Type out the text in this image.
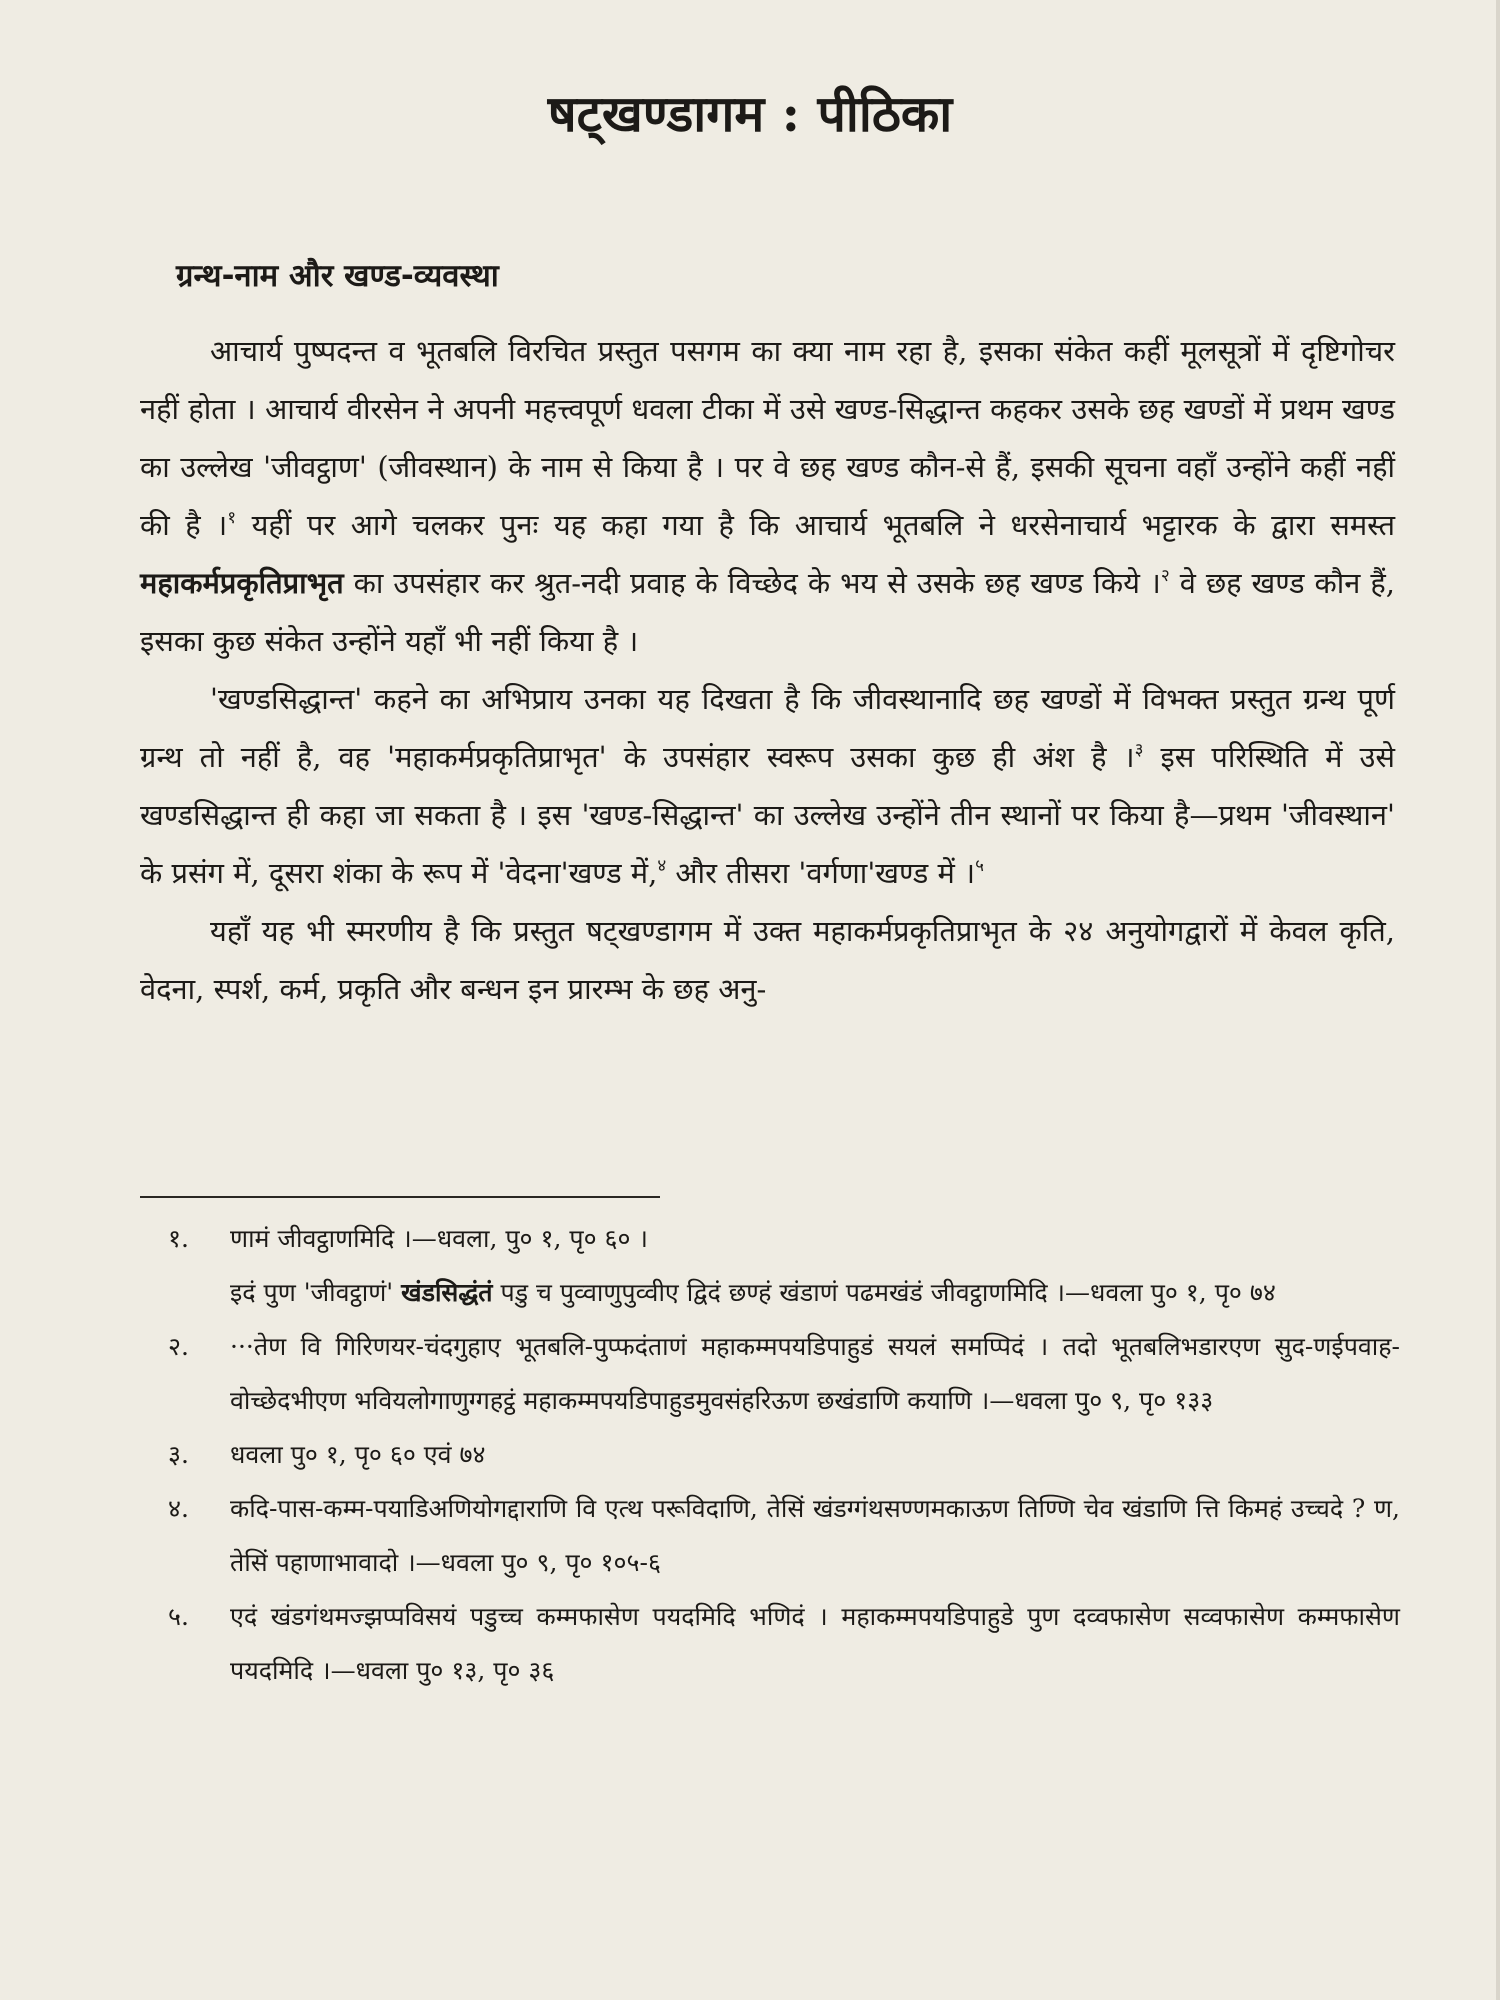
षट्खण्डागम : पीठिका
ग्रन्थ-नाम और खण्ड-व्यवस्था

आचार्य पुष्पदन्त व भूतबलि विरचित प्रस्तुत पसगम का क्या नाम रहा है, इसका संकेत कहीं मूलसूत्रों में दृष्टिगोचर नहीं होता । आचार्य वीरसेन ने अपनी महत्त्वपूर्ण धवला टीका में उसे खण्ड-सिद्धान्त कहकर उसके छह खण्डों में प्रथम खण्ड का उल्लेख 'जीवट्ठाण' (जीवस्थान) के नाम से किया है । पर वे छह खण्ड कौन-से हैं, इसकी सूचना वहाँ उन्होंने कहीं नहीं की है ।$^१$ यहीं पर आगे चलकर पुनः यह कहा गया है कि आचार्य भूतबलि ने धरसेनाचार्य भट्टारक के द्वारा समस्त महाकर्मप्रकृतिप्राभृत का उपसंहार कर श्रुत-नदी प्रवाह के विच्छेद के भय से उसके छह खण्ड किये ।$^२$ वे छह खण्ड कौन हैं, इसका कुछ संकेत उन्होंने यहाँ भी नहीं किया है ।

'खण्डसिद्धान्त' कहने का अभिप्राय उनका यह दिखता है कि जीवस्थानादि छह खण्डों में विभक्त प्रस्तुत ग्रन्थ पूर्ण ग्रन्थ तो नहीं है, वह 'महाकर्मप्रकृतिप्राभृत' के उपसंहार स्वरूप उसका कुछ ही अंश है ।$^३$ इस परिस्थिति में उसे खण्डसिद्धान्त ही कहा जा सकता है । इस 'खण्ड-सिद्धान्त' का उल्लेख उन्होंने तीन स्थानों पर किया है—प्रथम 'जीवस्थान' के प्रसंग में, दूसरा शंका के रूप में 'वेदना'खण्ड में,$^४$ और तीसरा 'वर्गणा'खण्ड में ।$^५$

यहाँ यह भी स्मरणीय है कि प्रस्तुत षट्खण्डागम में उक्त महाकर्मप्रकृतिप्राभृत के २४ अनुयोगद्वारों में केवल कृति, वेदना, स्पर्श, कर्म, प्रकृति और बन्धन इन प्रारम्भ के छह अनु-

१.	णामं जीवट्ठाणमिदि ।—धवला, पु० १, पृ० ६० ।
इदं पुण 'जीवट्ठाणं' खंडसिद्धंतं पडु च पुव्वाणुपुव्वीए द्विदं छण्हं खंडाणं पढमखंडं जीवट्ठाणमिदि ।—धवला पु० १, पृ० ७४
२.	···तेण वि गिरिणयर-चंदगुहाए भूतबलि-पुप्फदंताणं महाकम्मपयडिपाहुडं सयलं समप्पिदं । तदो भूतबलिभडारएण सुद-णईपवाह-वोच्छेदभीएण भवियलोगाणुग्गहट्ठं महाकम्मपयडिपाहुडमुवसंहरिऊण छखंडाणि कयाणि ।—धवला पु० ९, पृ० १३३
३.	धवला पु० १, पृ० ६० एवं ७४
४.	कदि-पास-कम्म-पयाडिअणियोगद्दाराणि वि एत्थ परूविदाणि, तेसिं खंडग्गंथसण्णमकाऊण तिण्णि चेव खंडाणि त्ति किमहं उच्चदे ? ण, तेसिं पहाणाभावादो ।—धवला पु० ९, पृ० १०५-६
५.	एदं खंडगंथमज्झप्पविसयं पडुच्च कम्मफासेण पयदमिदि भणिदं । महाकम्मपयडिपाहुडे पुण दव्वफासेण सव्वफासेण कम्मफासेण पयदमिदि ।—धवला पु० १३, पृ० ३६
